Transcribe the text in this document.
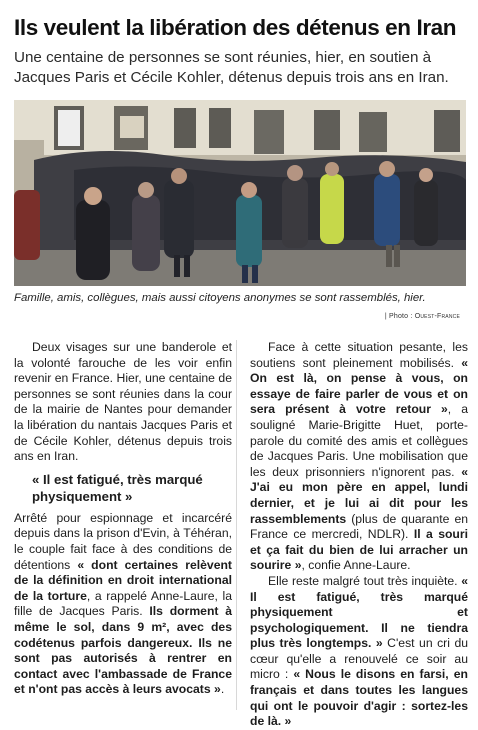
Ils veulent la libération des détenus en Iran

Une centaine de personnes se sont réunies, hier, en soutien à Jacques Paris et Cécile Kohler, détenus depuis trois ans en Iran.

Famille, amis, collègues, mais aussi citoyens anonymes se sont rassemblés, hier.

| Photo : Ouest-France

Deux visages sur une banderole et la volonté farouche de les voir enfin revenir en France. Hier, une centaine de personnes se sont réunies dans la cour de la mairie de Nantes pour demander la libération du nantais Jacques Paris et de Cécile Kohler, détenus depuis trois ans en Iran.

« Il est fatigué, très marqué physiquement »

Arrêté pour espionnage et incarcéré depuis dans la prison d'Evin, à Téhéran, le couple fait face à des conditions de détentions « dont certaines relèvent de la définition en droit international de la torture, a rappelé Anne-Laure, la fille de Jacques Paris. Ils dorment à même le sol, dans 9 m², avec des codétenus parfois dangereux. Ils ne sont pas autorisés à rentrer en contact avec l'ambassade de France et n'ont pas accès à leurs avocats ».

Face à cette situation pesante, les soutiens sont pleinement mobilisés. « On est là, on pense à vous, on essaye de faire parler de vous et on sera présent à votre retour », a souligné Marie-Brigitte Huet, porte-parole du comité des amis et collègues de Jacques Paris. Une mobilisation que les deux prisonniers n'ignorent pas. « J'ai eu mon père en appel, lundi dernier, et je lui ai dit pour les rassemblements (plus de quarante en France ce mercredi, NDLR). Il a souri et ça fait du bien de lui arracher un sourire », confie Anne-Laure.

Elle reste malgré tout très inquiète. « Il est fatigué, très marqué physiquement et psychologiquement. Il ne tiendra plus très longtemps. » C'est un cri du cœur qu'elle a renouvelé ce soir au micro : « Nous le disons en farsi, en français et dans toutes les langues qui ont le pouvoir d'agir : sortez-les de là. »
